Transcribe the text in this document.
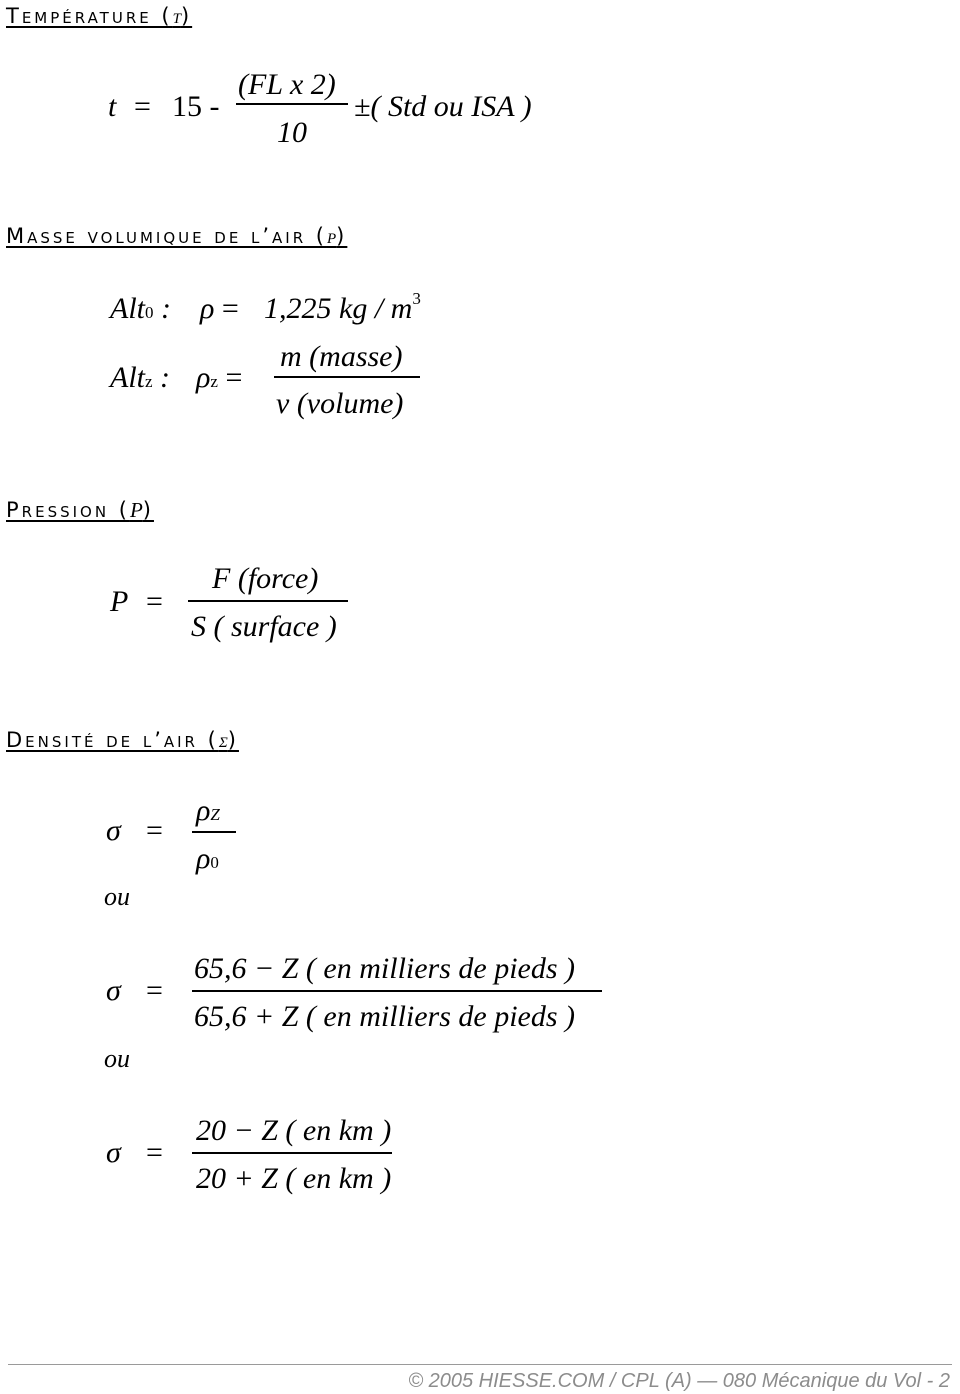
Température (t)
t = 15 -
(FL x 2)
10
±( Std ou ISA )
Masse volumique de l’air (ρ)
Alt0 : ρ = 1,225 kg / $m^3$
Altz : ρz =
m (masse)
v (volume)
Pression (P)
P =
F (force)
S ( surface )
Densité de l’air (σ)
σ =
ρZ
ρ0
ou
σ =
65,6 − Z ( en milliers de pieds )
65,6 + Z ( en milliers de pieds )
ou
σ =
20 − Z ( en km )
20 + Z ( en km )
© 2005 HIESSE.COM / CPL (A) — 080 Mécanique du Vol - 2
